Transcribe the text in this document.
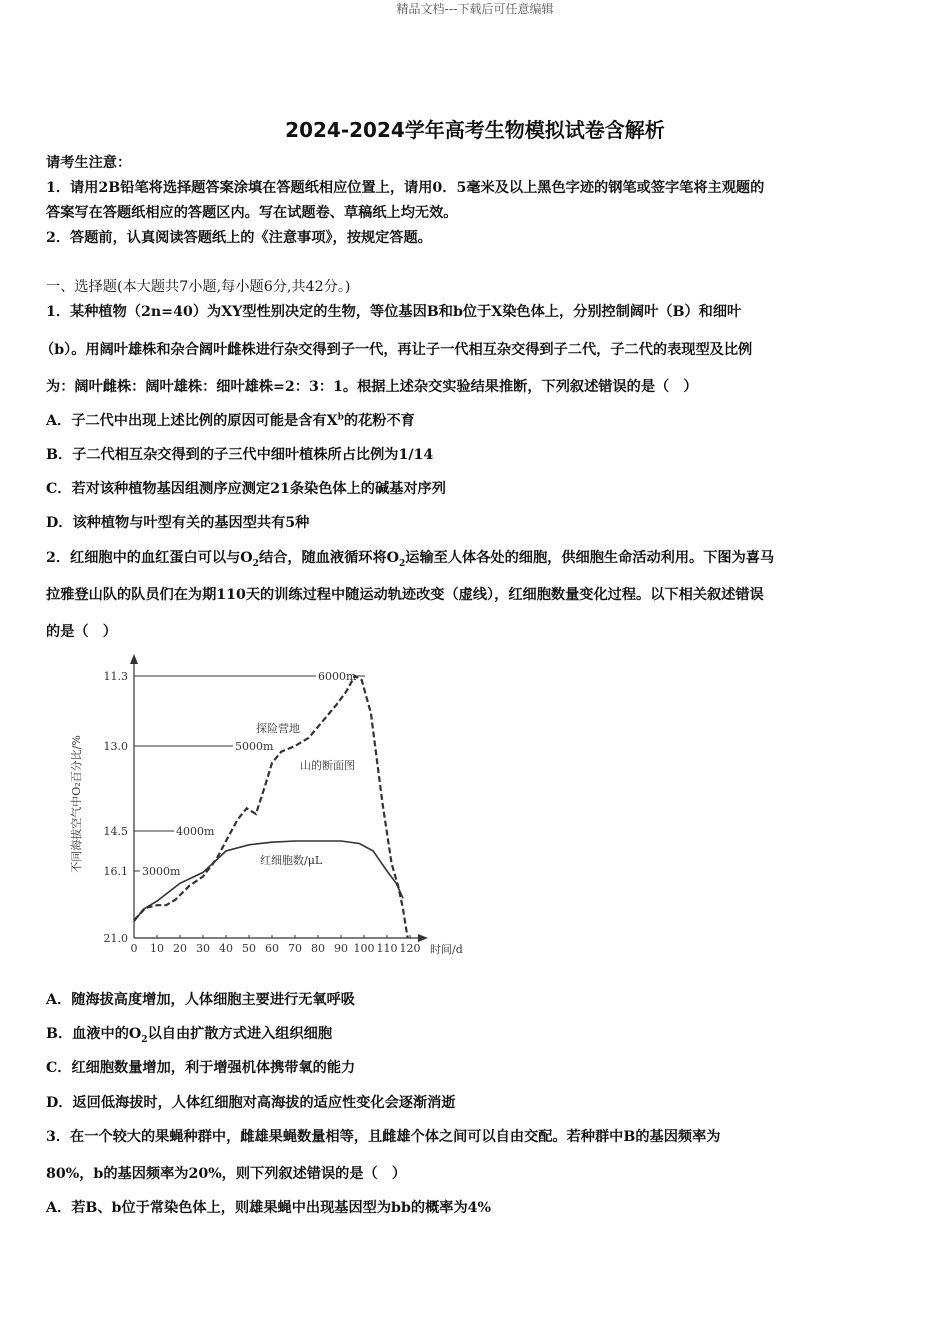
精品文档---下载后可任意编辑
2024-2024学年高考生物模拟试卷含解析
请考生注意：
1．请用2B铅笔将选择题答案涂填在答题纸相应位置上，请用0．5毫米及以上黑色字迹的钢笔或签字笔将主观题的
答案写在答题纸相应的答题区内。写在试题卷、草稿纸上均无效。
2．答题前，认真阅读答题纸上的《注意事项》，按规定答题。
一、选择题(本大题共7小题,每小题6分,共42分。)
1．某种植物（2n=40）为XY型性别决定的生物，等位基因B和b位于X染色体上，分别控制阔叶（B）和细叶
（b）。用阔叶雄株和杂合阔叶雌株进行杂交得到子一代，再让子一代相互杂交得到子二代，子二代的表现型及比例
为：阔叶雌株：阔叶雄株：细叶雄株=2：3：1。根据上述杂交实验结果推断，下列叙述错误的是（　）
A．子二代中出现上述比例的原因可能是含有$X^b$的花粉不育
B．子二代相互杂交得到的子三代中细叶植株所占比例为1/14
C．若对该种植物基因组测序应测定21条染色体上的碱基对序列
D．该种植物与叶型有关的基因型共有5种
2．红细胞中的血红蛋白可以与$O_2$结合，随血液循环将$O_2$运输至人体各处的细胞，供细胞生命活动利用。下图为喜马
拉雅登山队的队员们在为期110天的训练过程中随运动轨迹改变（虚线），红细胞数量变化过程。以下相关叙述错误
的是（　）
0 10 20 30 40 50 60 70 80 90 100 110 120
11.3
13.0
14.5
16.1
21.0
6000m
5000m
4000m
3000m
不同海拔空气中O₂百分比/%
时间/d
探险营地
山的断面图
红细胞数/μL
A．随海拔高度增加，人体细胞主要进行无氧呼吸
B．血液中的$O_2$以自由扩散方式进入组织细胞
C．红细胞数量增加，利于增强机体携带氧的能力
D．返回低海拔时，人体红细胞对高海拔的适应性变化会逐渐消逝
3．在一个较大的果蝇种群中，雌雄果蝇数量相等，且雌雄个体之间可以自由交配。若种群中B的基因频率为
80%，b的基因频率为20%，则下列叙述错误的是（　）
A．若B、b位于常染色体上，则雄果蝇中出现基因型为bb的概率为4%
